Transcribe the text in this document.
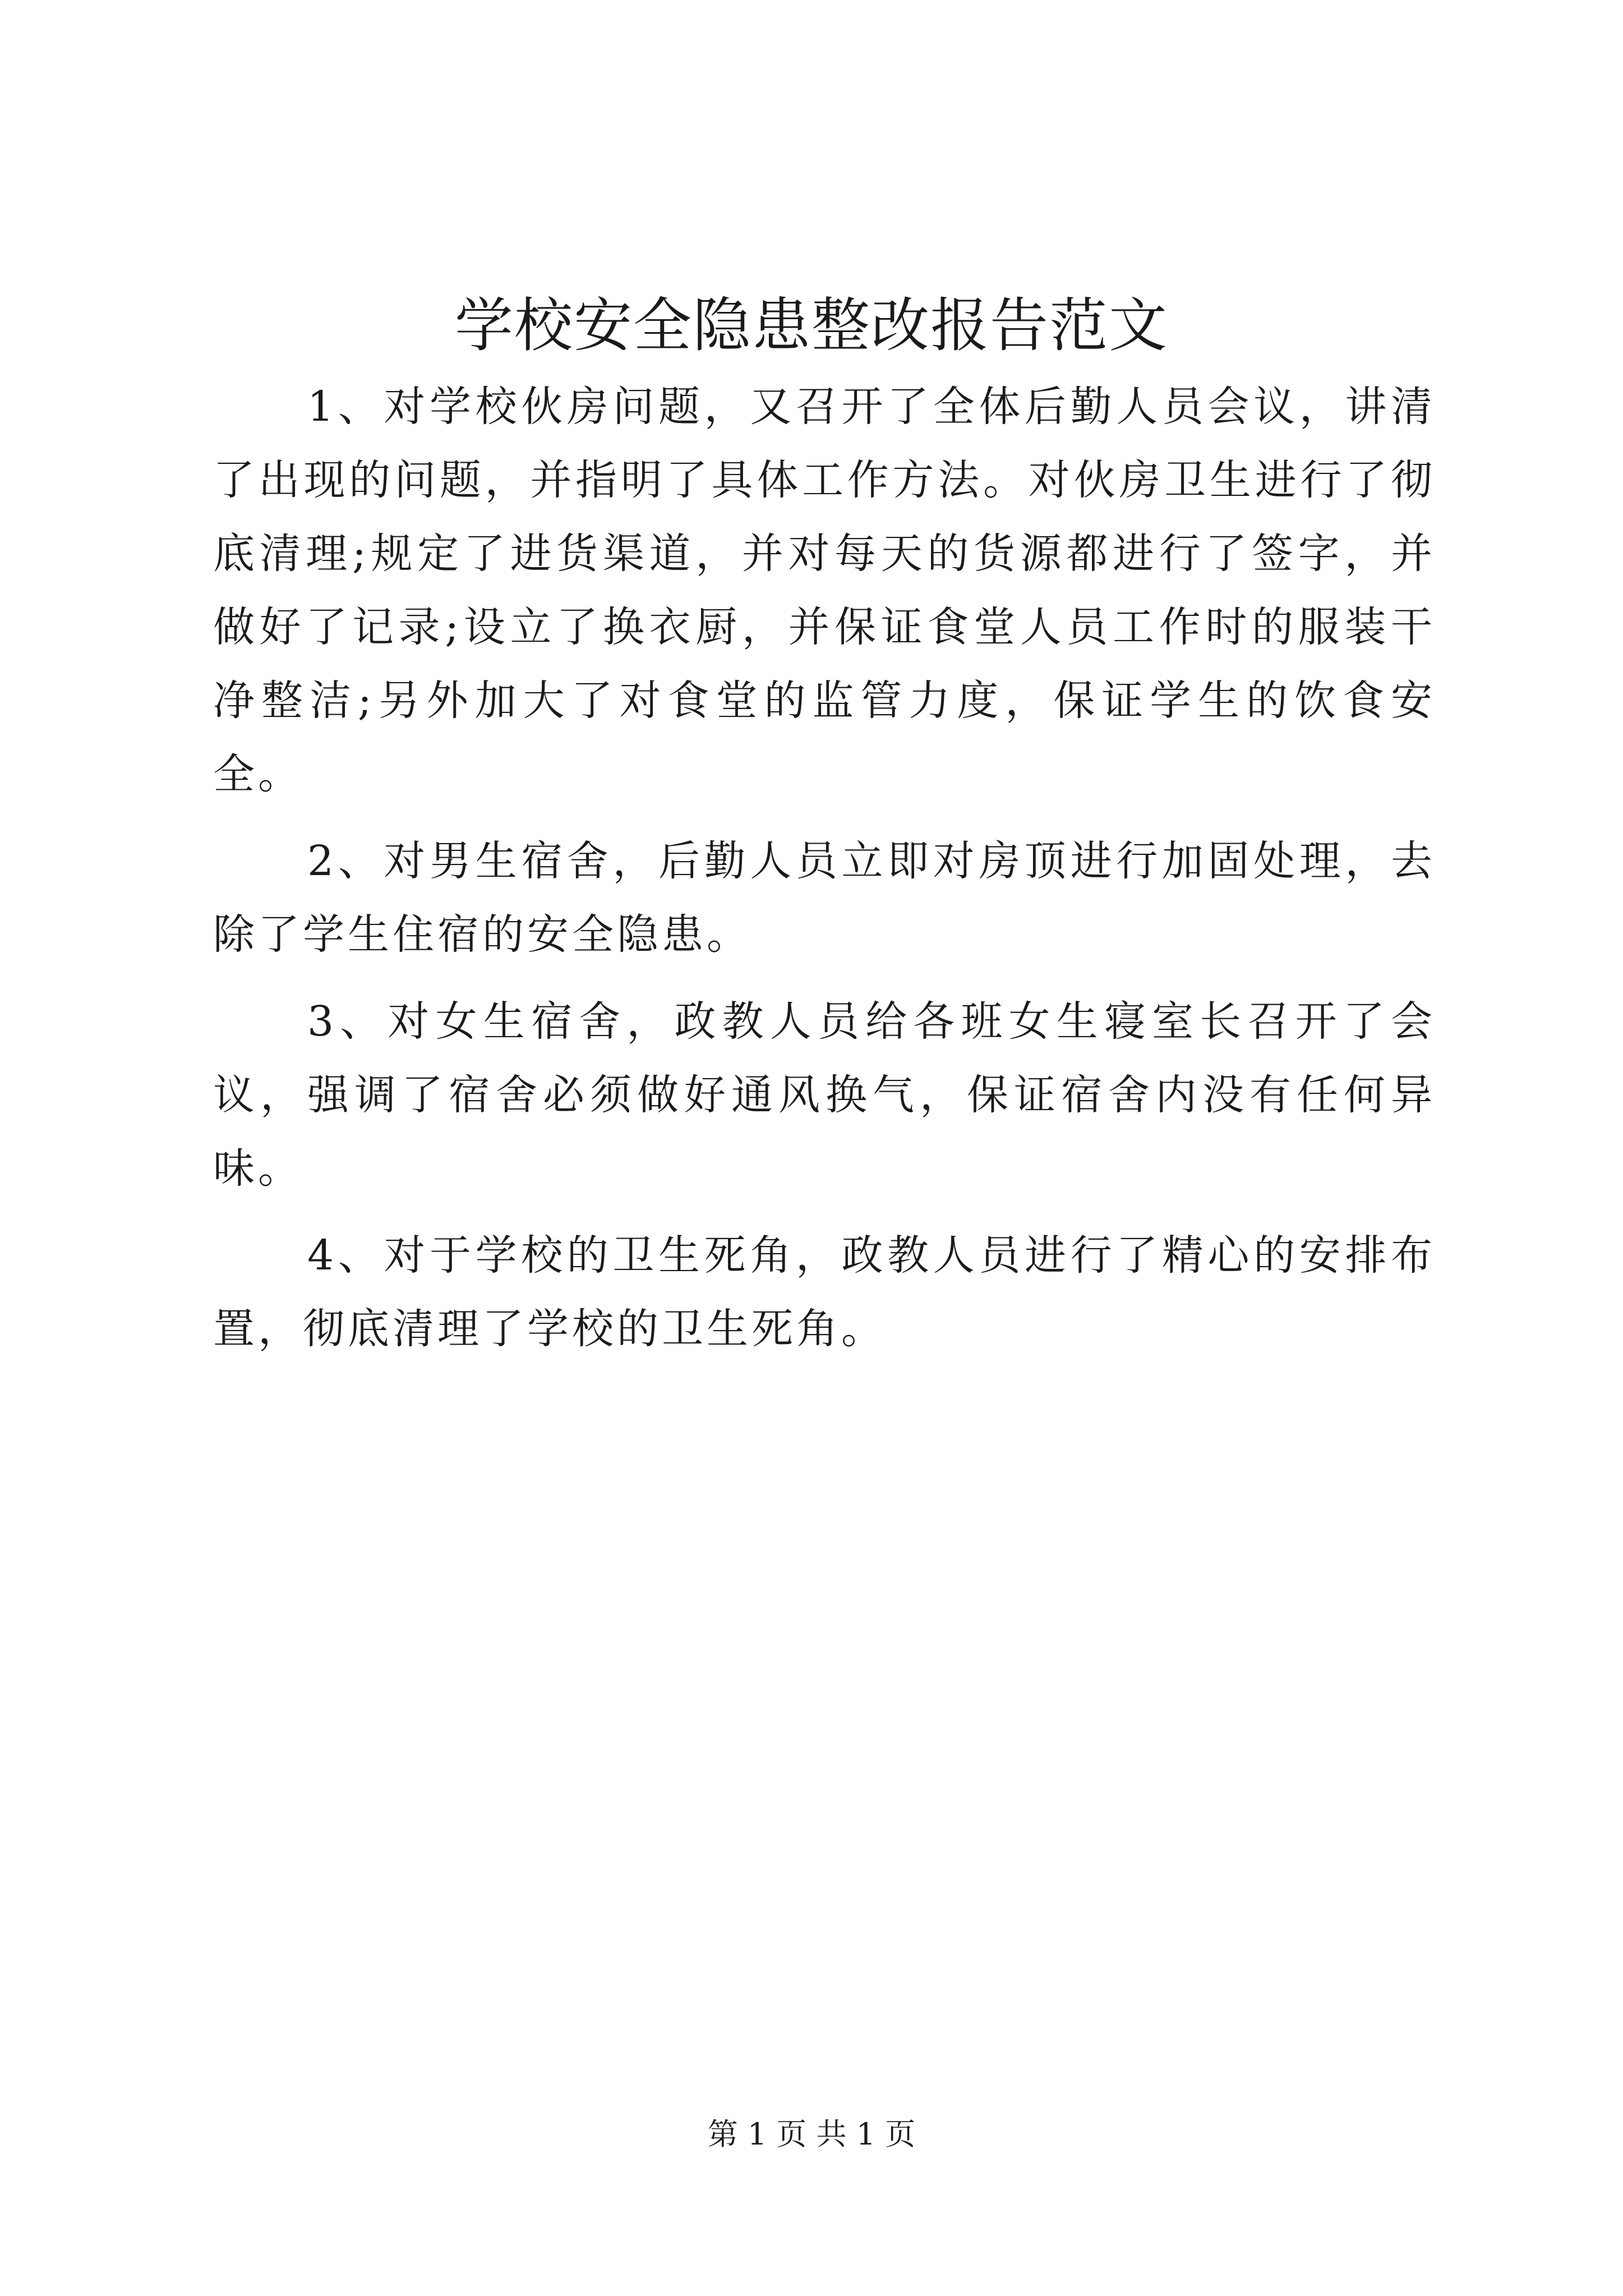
学校安全隐患整改报告范文

1、对学校伙房问题，又召开了全体后勤人员会议，讲清了出现的问题，并指明了具体工作方法。对伙房卫生进行了彻底清理;规定了进货渠道，并对每天的货源都进行了签字，并做好了记录;设立了换衣厨，并保证食堂人员工作时的服装干净整洁;另外加大了对食堂的监管力度，保证学生的饮食安全。

2、对男生宿舍，后勤人员立即对房顶进行加固处理，去除了学生住宿的安全隐患。

3、对女生宿舍，政教人员给各班女生寝室长召开了会议，强调了宿舍必须做好通风换气，保证宿舍内没有任何异味。

4、对于学校的卫生死角，政教人员进行了精心的安排布置，彻底清理了学校的卫生死角。

第 1 页 共 1 页
